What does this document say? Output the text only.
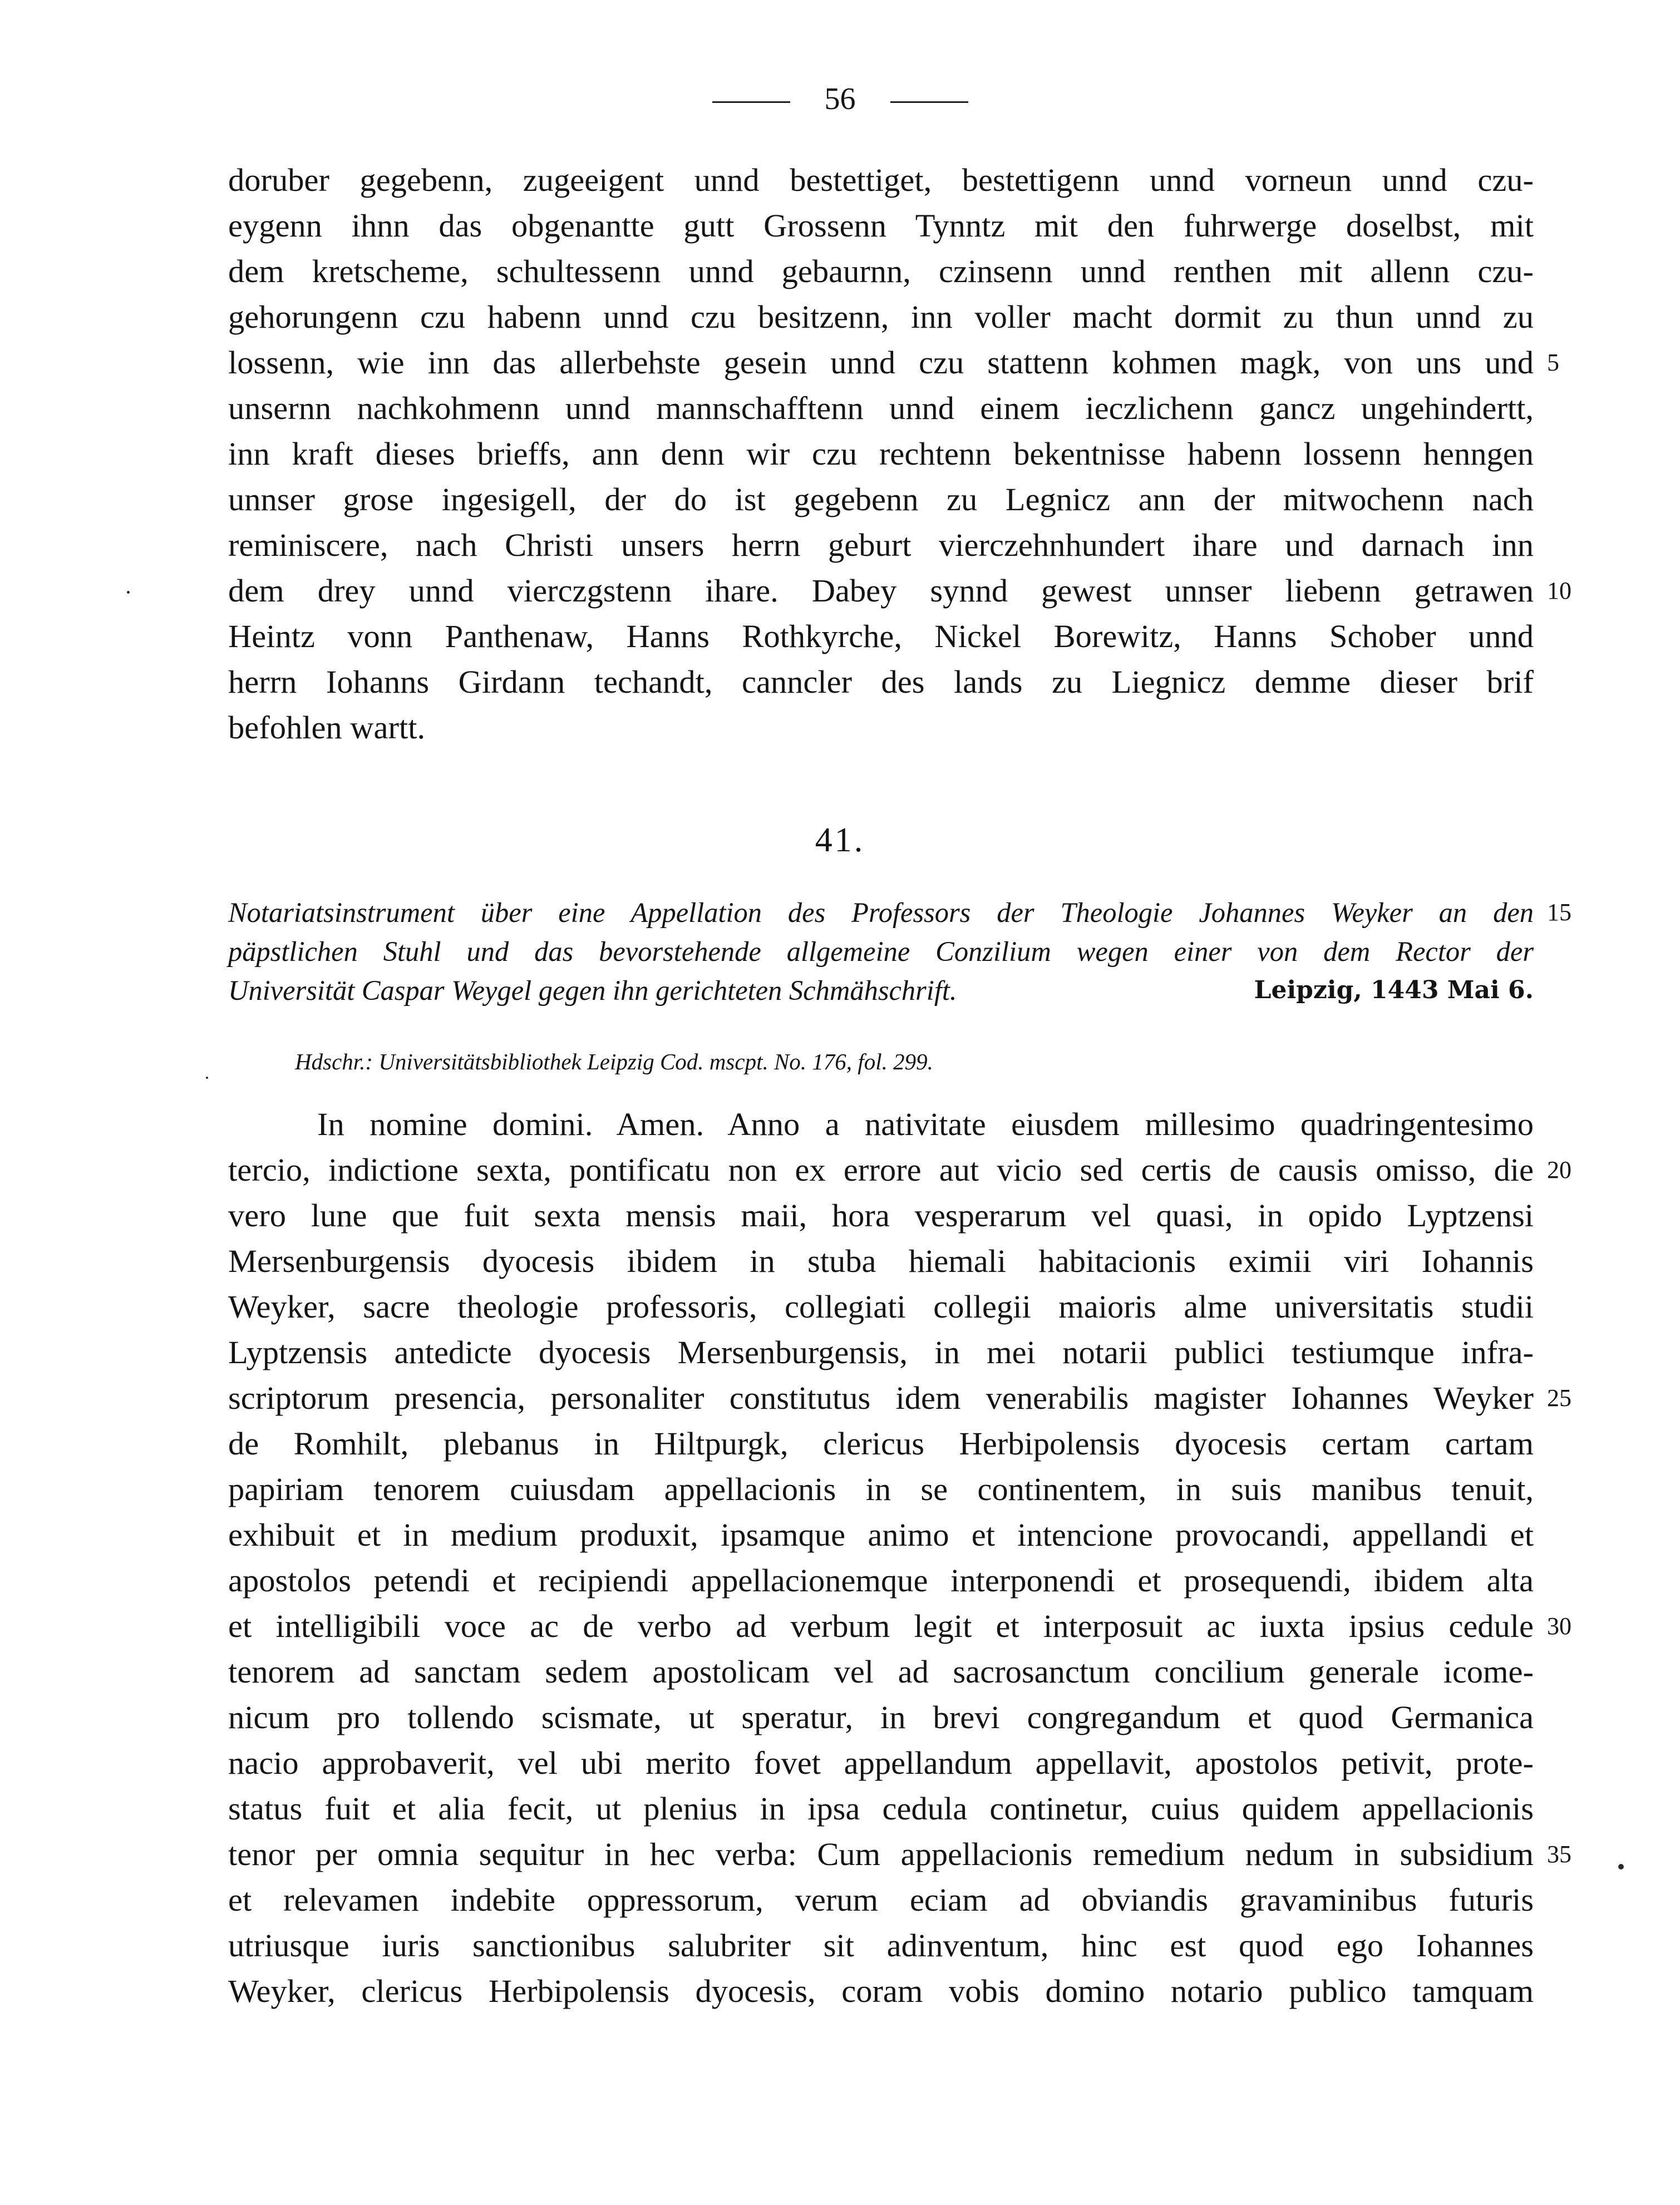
56
doruber gegebenn, zugeeigent unnd bestettiget, bestettigenn unnd vorneun unnd czu-
eygenn ihnn das obgenantte gutt Grossenn Tynntz mit den fuhrwerge doselbst, mit
dem kretscheme, schultessenn unnd gebaurnn, czinsenn unnd renthen mit allenn czu-
gehorungenn czu habenn unnd czu besitzenn, inn voller macht dormit zu thun unnd zu
lossenn, wie inn das allerbehste gesein unnd czu stattenn kohmen magk, von uns und
unsernn nachkohmenn unnd mannschafftenn unnd einem ieczlichenn gancz ungehindertt,
inn kraft dieses brieffs, ann denn wir czu rechtenn bekentnisse habenn lossenn henngen
unnser grose ingesigell, der do ist gegebenn zu Legnicz ann der mitwochenn nach
reminiscere, nach Christi unsers herrn geburt vierczehnhundert ihare und darnach inn
dem drey unnd vierczgstenn ihare. Dabey synnd gewest unnser liebenn getrawen
Heintz vonn Panthenaw, Hanns Rothkyrche, Nickel Borewitz, Hanns Schober unnd
herrn Iohanns Girdann techandt, canncler des lands zu Liegnicz demme dieser brif
befohlen wartt.
5
10
41.
Notariatsinstrument über eine Appellation des Professors der Theologie Johannes Weyker an den
päpstlichen Stuhl und das bevorstehende allgemeine Conzilium wegen einer von dem Rector der
Universität Caspar Weygel gegen ihn gerichteten Schmähschrift.	Leipzig, 1443 Mai 6.
15
Hdschr.: Universitätsbibliothek Leipzig Cod. mscpt. No. 176, fol. 299.
In nomine domini. Amen. Anno a nativitate eiusdem millesimo quadringentesimo
tercio, indictione sexta, pontificatu non ex errore aut vicio sed certis de causis omisso, die
vero lune que fuit sexta mensis maii, hora vesperarum vel quasi, in opido Lyptzensi
Mersenburgensis dyocesis ibidem in stuba hiemali habitacionis eximii viri Iohannis
Weyker, sacre theologie professoris, collegiati collegii maioris alme universitatis studii
Lyptzensis antedicte dyocesis Mersenburgensis, in mei notarii publici testiumque infra-
scriptorum presencia, personaliter constitutus idem venerabilis magister Iohannes Weyker
de Romhilt, plebanus in Hiltpurgk, clericus Herbipolensis dyocesis certam cartam
papiriam tenorem cuiusdam appellacionis in se continentem, in suis manibus tenuit,
exhibuit et in medium produxit, ipsamque animo et intencione provocandi, appellandi et
apostolos petendi et recipiendi appellacionemque interponendi et prosequendi, ibidem alta
et intelligibili voce ac de verbo ad verbum legit et interposuit ac iuxta ipsius cedule
tenorem ad sanctam sedem apostolicam vel ad sacrosanctum concilium generale icome-
nicum pro tollendo scismate, ut speratur, in brevi congregandum et quod Germanica
nacio approbaverit, vel ubi merito fovet appellandum appellavit, apostolos petivit, prote-
status fuit et alia fecit, ut plenius in ipsa cedula continetur, cuius quidem appellacionis
tenor per omnia sequitur in hec verba: Cum appellacionis remedium nedum in subsidium
et relevamen indebite oppressorum, verum eciam ad obviandis gravaminibus futuris
utriusque iuris sanctionibus salubriter sit adinventum, hinc est quod ego Iohannes
Weyker, clericus Herbipolensis dyocesis, coram vobis domino notario publico tamquam
20
25
30
35
